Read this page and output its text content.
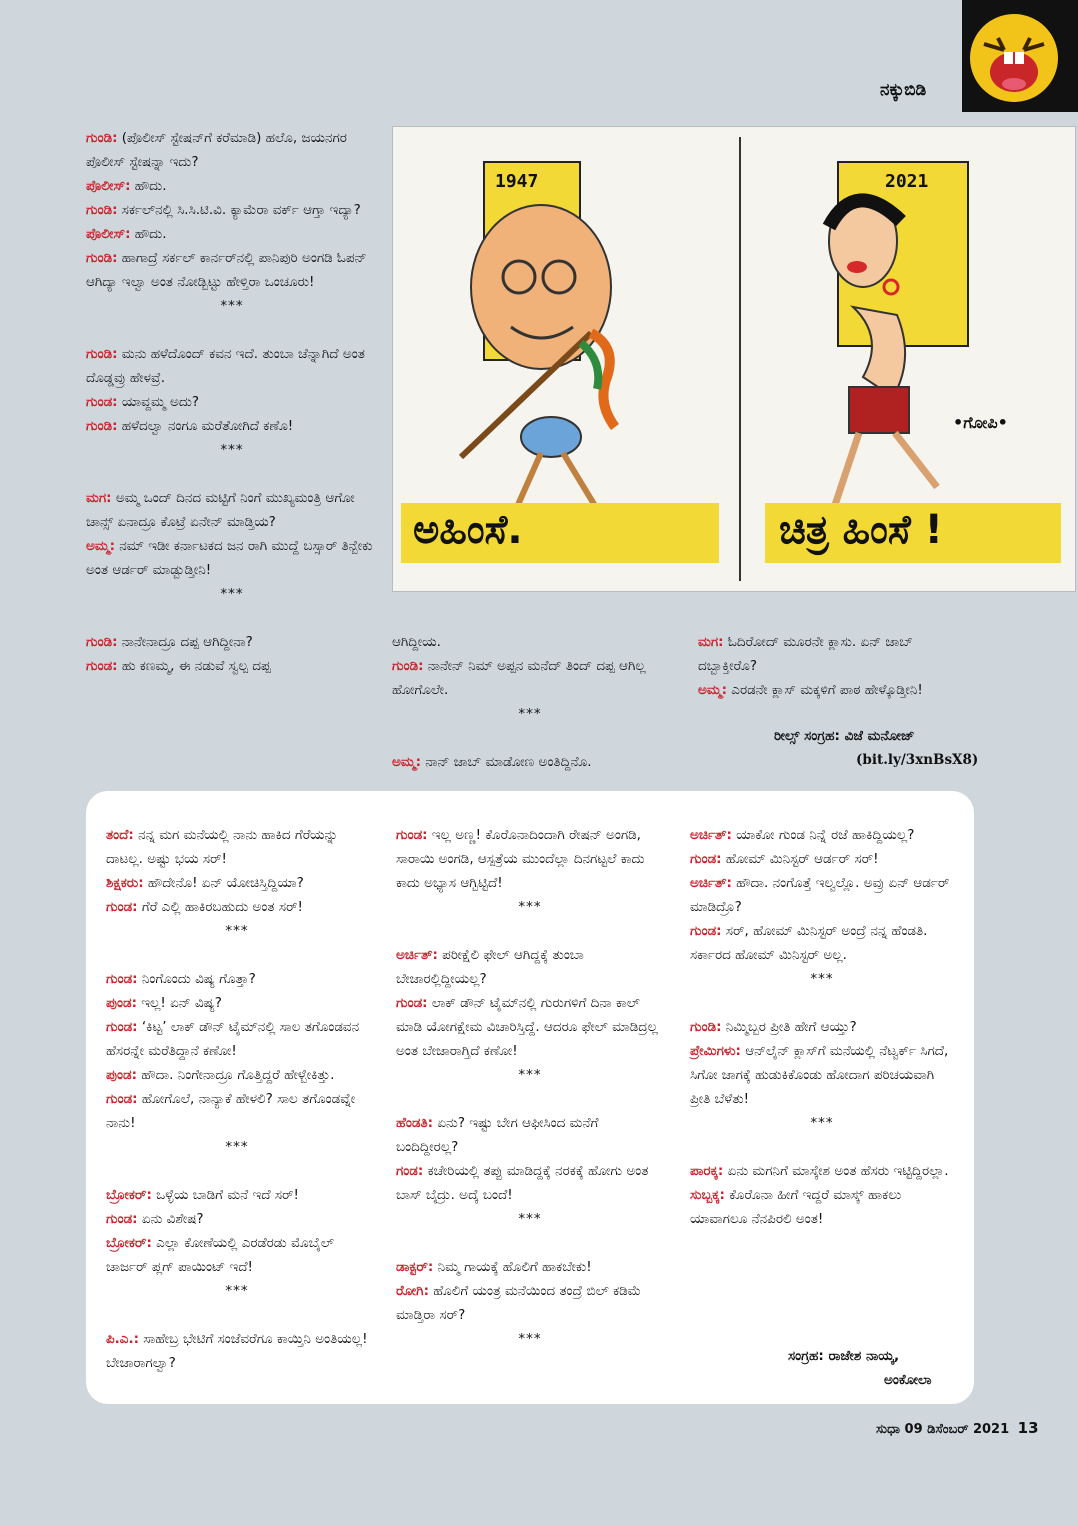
ನಕ್ಕುಬಿಡಿ

ಗುಂಡಿ: (ಪೊಲೀಸ್ ಸ್ಟೇಷನ್‌ಗೆ ಕರೆಮಾಡಿ) ಹಲೊ, ಜಯನಗರ ಪೊಲೀಸ್ ಸ್ಟೇಷನ್ನಾ ಇದು?

ಪೊಲೀಸ್: ಹೌದು.

ಗುಂಡಿ: ಸರ್ಕಲ್‌ನಲ್ಲಿ ಸಿ.ಸಿ.ಟಿ.ವಿ. ಕ್ಯಾಮೆರಾ ವರ್ಕ್ ಆಗ್ತಾ ಇದ್ಯಾ?

ಪೊಲೀಸ್: ಹೌದು.

ಗುಂಡಿ: ಹಾಗಾದ್ರೆ ಸರ್ಕಲ್ ಕಾರ್ನರ್‌ನಲ್ಲಿ ಪಾನಿಪುರಿ ಅಂಗಡಿ ಓಪನ್ ಆಗಿದ್ಯಾ ಇಲ್ವಾ ಅಂತ ನೋಡ್ಬಿಟ್ಟು ಹೇಳ್ತಿರಾ ಒಂಚೂರು!

***

ಗುಂಡಿ: ಮನು ಹಳೆದೊಂದ್ ಕವನ ಇದೆ. ತುಂಬಾ ಚೆನ್ನಾಗಿದೆ ಅಂತ ದೊಡ್ಡವ್ರು ಹೇಳವ್ರೆ.

ಗುಂಡ: ಯಾವ್ದಮ್ಮ ಅದು?

ಗುಂಡಿ: ಹಳೆದಲ್ವಾ ನಂಗೂ ಮರೆತೋಗಿದೆ ಕಣೊ!

***

ಮಗ: ಅಮ್ಮ ಒಂದ್ ದಿನದ ಮಟ್ಟಿಗೆ ನಿಂಗೆ ಮುಖ್ಯಮಂತ್ರಿ ಆಗೋ ಚಾನ್ಸ್ ಏನಾದ್ರೂ ಕೊಟ್ರೆ ಏನೇನ್ ಮಾಡ್ತಿಯ?

ಅಮ್ಮ: ನಮ್ ಇಡೀ ಕರ್ನಾಟಕದ ಜನ ರಾಗಿ ಮುದ್ದೆ ಬಸ್ಸಾರ್ ತಿನ್ಬೇಕು ಅಂತ ಆರ್ಡರ್ ಮಾಡ್ಬುಡ್ತೀನಿ!

***

ಗುಂಡಿ: ನಾನೇನಾದ್ರೂ ದಪ್ಪ ಆಗಿದ್ದೀನಾ?

ಗುಂಡ: ಹು ಕಣಮ್ಮ, ಈ ನಡುವೆ ಸ್ವಲ್ಪ ದಪ್ಪ

ಆಗಿದ್ದೀಯ.

ಗುಂಡಿ: ನಾನೇನ್ ನಿಮ್ ಅಪ್ಪನ ಮನೆದ್ ತಿಂದ್ ದಪ್ಪ ಆಗಿಲ್ಲ ಹೋಗೊಲೇ.

***

ಅಮ್ಮ: ನಾನ್ ಜಾಬ್ ಮಾಡೋಣ ಅಂತಿದ್ದಿನೊ.

ಮಗ: ಓದಿರೋದ್ ಮೂರನೇ ಕ್ಲಾಸು. ಏನ್ ಜಾಬ್ ದಬ್ಬಾಕ್ತೀರೊ?

ಅಮ್ಮ: ಎರಡನೇ ಕ್ಲಾಸ್ ಮಕ್ಕಳಿಗೆ ಪಾಠ ಹೇಳ್ಕೊಡ್ತೀನಿ!

ರೀಲ್ಸ್ ಸಂಗ್ರಹ: ವಿಜೆ ಮನೋಜ್
(bit.ly/3xnBsX8)
1947
ಅಹಿಂಸೆ.
2021
•ಗೋಪಿ•
ಚಿತ್ರ ಹಿಂಸೆ !

ತಂದೆ: ನನ್ನ ಮಗ ಮನೆಯಲ್ಲಿ ನಾನು ಹಾಕಿದ ಗೆರೆಯನ್ನು ದಾಟಲ್ಲ. ಅಷ್ಟು ಭಯ ಸರ್!

ಶಿಕ್ಷಕರು: ಹೌದೇನೊ! ಏನ್ ಯೋಚಿಸ್ತಿದ್ದಿಯಾ?

ಗುಂಡ: ಗೆರೆ ಎಲ್ಲಿ ಹಾಕಿರಬಹುದು ಅಂತ ಸರ್!

***

ಗುಂಡ: ನಿಂಗೊಂದು ವಿಷ್ಯ ಗೊತ್ತಾ?

ಪುಂಡ: ಇಲ್ಲ! ಏನ್ ವಿಷ್ಯ?

ಗುಂಡ: ‘ಕಿಟ್ಟ’ ಲಾಕ್ ಡೌನ್ ಟೈಮ್‌ನಲ್ಲಿ ಸಾಲ ತಗೊಂಡವನ ಹೆಸರನ್ನೇ ಮರೆತಿದ್ದಾನೆ ಕಣೋ!

ಪುಂಡ: ಹೌದಾ. ನಿಂಗೇನಾದ್ರೂ ಗೊತ್ತಿದ್ದರೆ ಹೇಳ್ಬೇಕಿತ್ತು.

ಗುಂಡ: ಹೋಗೊಲೆ, ನಾನ್ಯಾಕೆ ಹೇಳಲಿ? ಸಾಲ ತಗೊಂಡವ್ನೇ ನಾನು!

***

ಬ್ರೋಕರ್: ಒಳ್ಳೆಯ ಬಾಡಿಗೆ ಮನೆ ಇದೆ ಸರ್!

ಗುಂಡ: ಏನು ವಿಶೇಷ?

ಬ್ರೋಕರ್: ಎಲ್ಲಾ ಕೋಣೆಯಲ್ಲಿ ಎರಡೆರಡು ಮೊಬೈಲ್ ಚಾರ್ಜರ್ ಪ್ಲಗ್ ಪಾಯಿಂಟ್ ಇದೆ!

***

ಪಿ.ಎ.: ಸಾಹೇಬ್ರ ಭೇಟಿಗೆ ಸಂಜೆವರೆಗೂ ಕಾಯ್ತಿನಿ ಅಂತಿಯಲ್ಲ! ಬೇಜಾರಾಗಲ್ವಾ?

ಗುಂಡ: ಇಲ್ಲ ಅಣ್ಣ! ಕೊರೊನಾದಿಂದಾಗಿ ರೇಷನ್ ಅಂಗಡಿ, ಸಾರಾಯಿ ಅಂಗಡಿ, ಆಸ್ಪತ್ರೆಯ ಮುಂದೆಲ್ಲಾ ದಿನಗಟ್ಟಲೆ ಕಾದು ಕಾದು ಅಭ್ಯಾಸ ಆಗ್ಬಿಟ್ಟಿದೆ!

***

ಅರ್ಚಿತ್: ಪರೀಕ್ಷೆಲಿ ಫೇಲ್ ಆಗಿದ್ದಕ್ಕೆ ತುಂಬಾ ಬೇಜಾರಲ್ಲಿದ್ದೀಯಲ್ಲ?

ಗುಂಡ: ಲಾಕ್ ಡೌನ್ ಟೈಮ್‌ನಲ್ಲಿ ಗುರುಗಳಿಗೆ ದಿನಾ ಕಾಲ್ ಮಾಡಿ ಯೋಗಕ್ಷೇಮ ವಿಚಾರಿಸ್ತಿದ್ದೆ. ಆದರೂ ಫೇಲ್ ಮಾಡಿದ್ರಲ್ಲ ಅಂತ ಬೇಜಾರಾಗ್ತಿದೆ ಕಣೋ!

***

ಹೆಂಡತಿ: ಏನು? ಇಷ್ಟು ಬೇಗ ಆಫೀಸಿಂದ ಮನೆಗೆ ಬಂದಿದ್ದೀರಲ್ಲ?

ಗಂಡ: ಕಚೇರಿಯಲ್ಲಿ ತಪ್ಪು ಮಾಡಿದ್ದಕ್ಕೆ ನರಕಕ್ಕೆ ಹೋಗು ಅಂತ ಬಾಸ್ ಬೈದ್ರು. ಅದ್ಕೆ ಬಂದೆ!

***

ಡಾಕ್ಟರ್: ನಿಮ್ಮ ಗಾಯಕ್ಕೆ ಹೊಲಿಗೆ ಹಾಕಬೇಕು!

ರೋಗಿ: ಹೊಲಿಗೆ ಯಂತ್ರ ಮನೆಯಿಂದ ತಂದ್ರೆ ಬಿಲ್ ಕಡಿಮೆ ಮಾಡ್ತಿರಾ ಸರ್?

***

ಅರ್ಚಿತ್: ಯಾಕೋ ಗುಂಡ ನಿನ್ನೆ ರಜೆ ಹಾಕಿದ್ದಿಯಲ್ಲ?

ಗುಂಡ: ಹೋಮ್ ಮಿನಿಸ್ಟರ್ ಆರ್ಡರ್ ಸರ್!

ಅರ್ಚಿತ್: ಹೌದಾ. ನಂಗೊತ್ತೆ ಇಲ್ವಲ್ಲೊ. ಅವ್ರು ಏನ್ ಆರ್ಡರ್ ಮಾಡಿದ್ರೊ?

ಗುಂಡ: ಸರ್, ಹೋಮ್ ಮಿನಿಸ್ಟರ್ ಅಂದ್ರೆ ನನ್ನ ಹೆಂಡತಿ. ಸರ್ಕಾರದ ಹೋಮ್ ಮಿನಿಸ್ಟರ್ ಅಲ್ಲ.

***

ಗುಂಡಿ: ನಿಮ್ಮಿಬ್ಬರ ಪ್ರೀತಿ ಹೇಗೆ ಆಯ್ತು?

ಪ್ರೇಮಿಗಳು: ಆನ್‌ಲೈನ್ ಕ್ಲಾಸ್‌ಗೆ ಮನೆಯಲ್ಲಿ ನೆಟ್ವರ್ಕ್ ಸಿಗದೆ, ಸಿಗೋ ಜಾಗಕ್ಕೆ ಹುಡುಕಿಕೊಂಡು ಹೋದಾಗ ಪರಿಚಯವಾಗಿ ಪ್ರೀತಿ ಬೆಳೆತು!

***

ಪಾರಕ್ಕ: ಏನು ಮಗನಿಗೆ ಮಾಸ್ಕೇಶ ಅಂತ ಹೆಸರು ಇಟ್ಟಿದ್ದಿರಲ್ಲಾ.

ಸುಬ್ಬಕ್ಕ: ಕೊರೊನಾ ಹೀಗೆ ಇದ್ದರೆ ಮಾಸ್ಕ್ ಹಾಕಲು ಯಾವಾಗಲೂ ನೆನಪಿರಲಿ ಅಂತ!

ಸಂಗ್ರಹ: ರಾಜೇಶ ನಾಯ್ಕ,
ಅಂಕೋಲಾ
ಸುಧಾ 09 ಡಿಸೆಂಬರ್ 2021 13
